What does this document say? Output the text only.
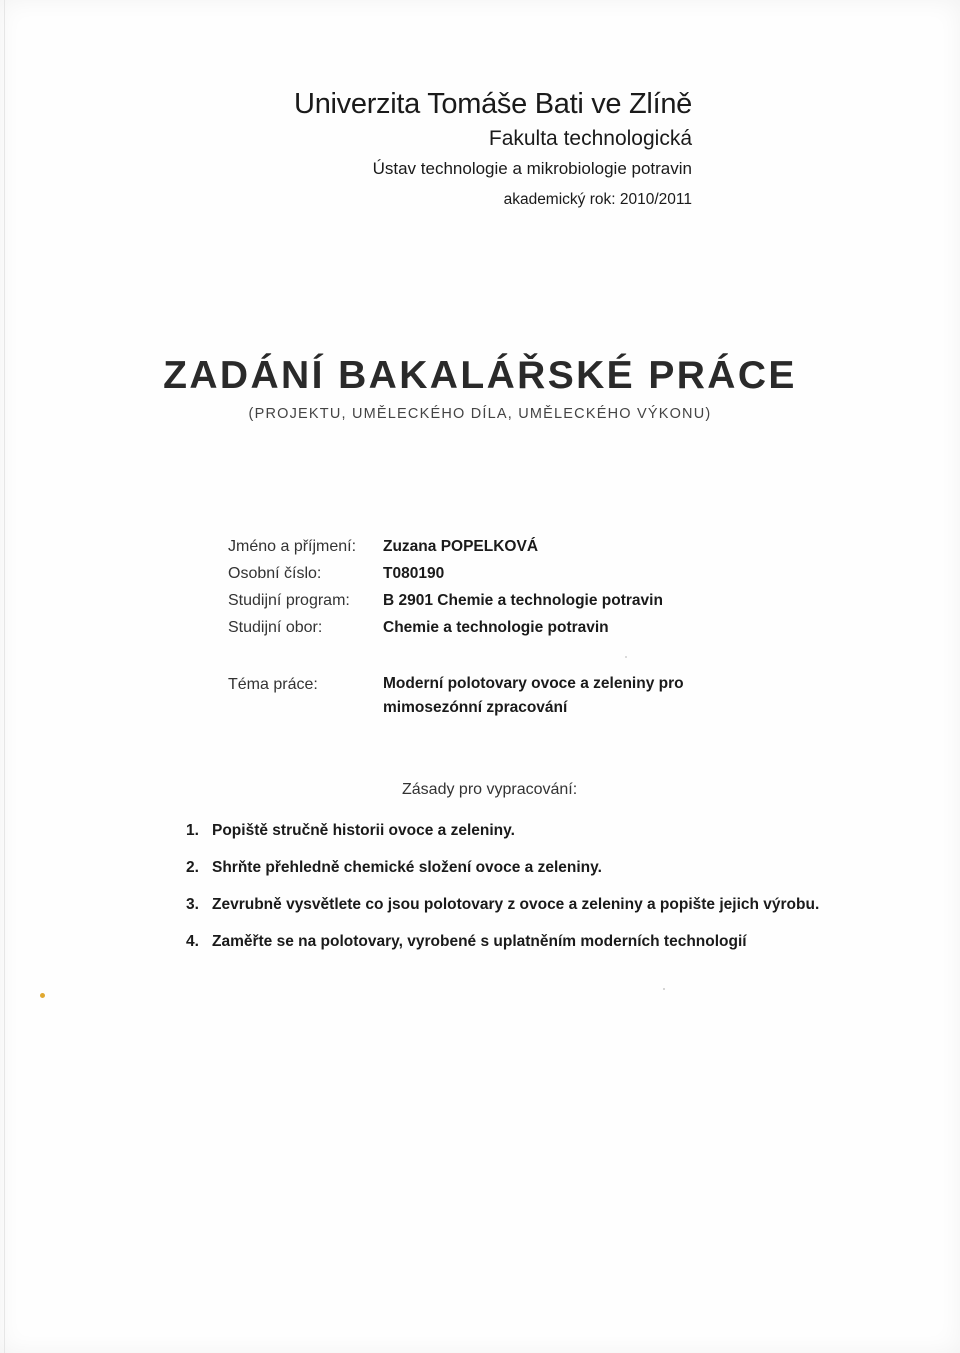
Univerzita Tomáše Bati ve Zlíně
Fakulta technologická
Ústav technologie a mikrobiologie potravin
akademický rok: 2010/2011
ZADÁNÍ BAKALÁŘSKÉ PRÁCE
(PROJEKTU, UMĚLECKÉHO DÍLA, UMĚLECKÉHO VÝKONU)
Jméno a příjmení: Zuzana POPELKOVÁ
Osobní číslo:	T080190
Studijní program: B 2901 Chemie a technologie potravin
Studijní obor:	Chemie a technologie potravin
Téma práce:	Moderní polotovary ovoce a zeleniny pro mimosezónní zpracování
Zásady pro vypracování:
1. Popiště stručně historii ovoce a zeleniny.
2. Shrňte přehledně chemické složení ovoce a zeleniny.
3. Zevrubně vysvětlete co jsou polotovary z ovoce a zeleniny a popište jejich výrobu.
4. Zaměřte se na polotovary, vyrobené s uplatněním moderních technologií
